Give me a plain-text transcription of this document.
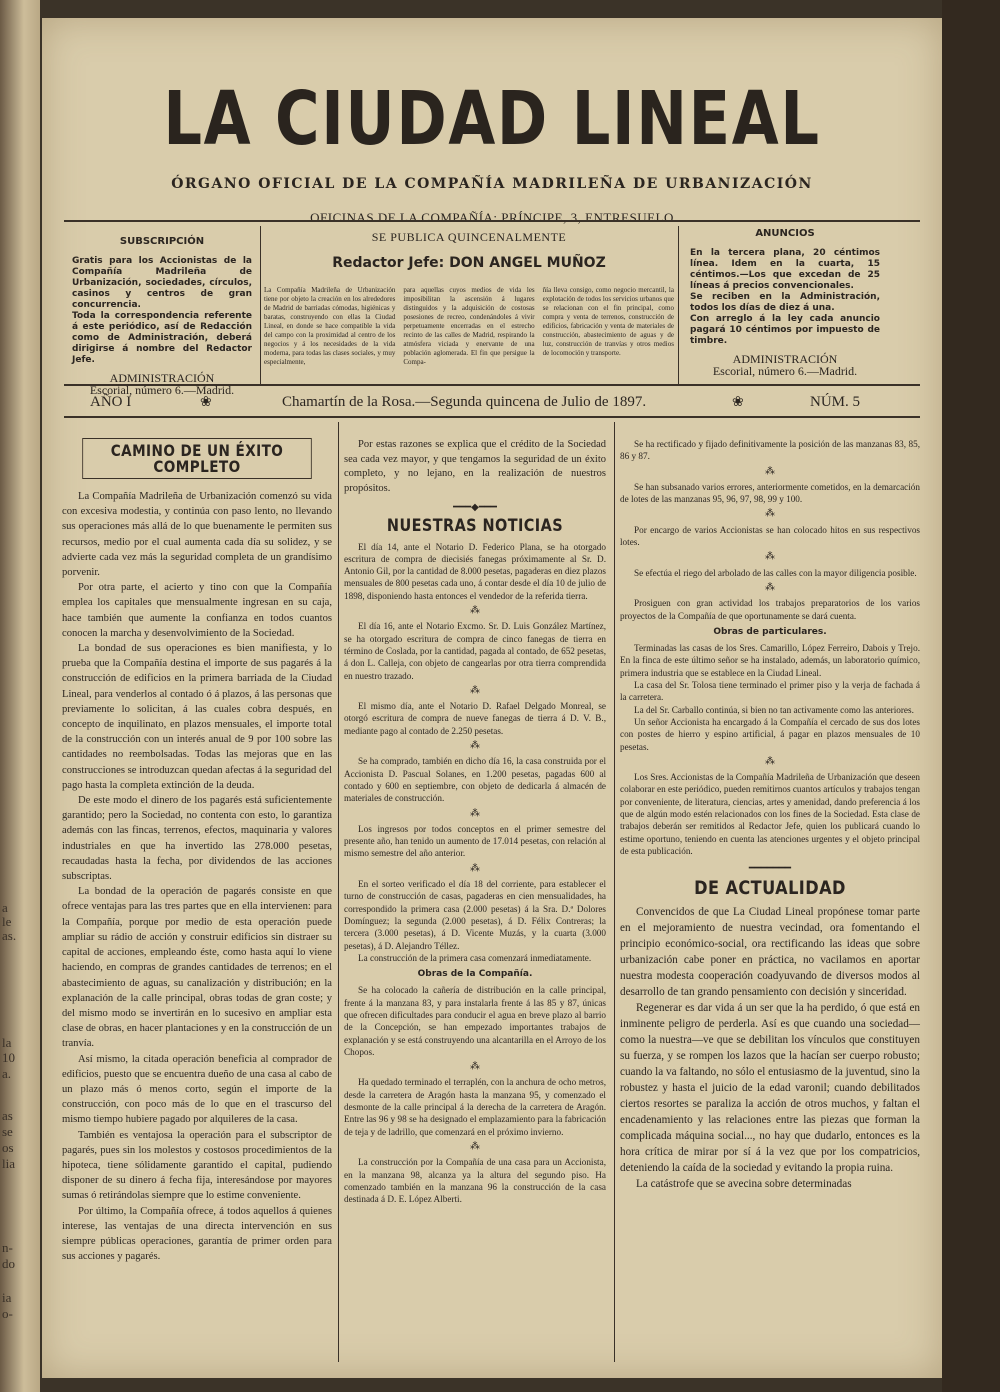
a
le
as.
la
10
a.
as
se
os
lia
n-
do
ia
o-
LA CIUDAD LINEAL
ÓRGANO OFICIAL DE LA COMPAÑÍA MADRILEÑA DE URBANIZACIÓN
OFICINAS DE LA COMPAÑÍA: PRÍNCIPE, 3, ENTRESUELO
SUBSCRIPCIÓN

Gratis para los Accionistas de la Compañía Madrileña de Urbanización, sociedades, círculos, casinos y centros de gran concurrencia.

Toda la correspondencia referente á este periódico, así de Redacción como de Administración, deberá dirigirse á nombre del Redactor Jefe.

ADMINISTRACIÓN
Escorial, número 6.—Madrid.
SE PUBLICA QUINCENALMENTE
Redactor Jefe: DON ANGEL MUÑOZ

La Compañía Madrileña de Urbanización tiene por objeto la creación en los alrededores de Madrid de barriadas cómodas, higiénicas y baratas, construyendo con ellas la Ciudad Lineal, en donde se hace compatible la vida del campo con la proximidad al centro de los negocios y á los necesidades de la vida moderna, para todas las clases sociales, y muy especialmente,

para aquellas cuyos medios de vida les imposibilitan la ascensión á lugares distinguidos y la adquisición de costosas posesiones de recreo, condenándoles á vivir perpetuamente encerradas en el estrecho recinto de las calles de Madrid, respirando la atmósfera viciada y enervante de una población aglomerada. El fin que persigue la Compa-

ñía lleva consigo, como negocio mercantil, la explotación de todos los servicios urbanos que se relacionan con el fin principal, como compra y venta de terrenos, construcción de edificios, fabricación y venta de materiales de construcción, abastecimiento de aguas y de luz, construcción de tranvías y otros medios de locomoción y transporte.

ANUNCIOS

En la tercera plana, 20 céntimos línea. Idem en la cuarta, 15 céntimos.—Los que excedan de 25 líneas á precios convencionales.

Se reciben en la Administración, todos los días de diez á una.

Con arreglo á la ley cada anuncio pagará 10 céntimos por impuesto de timbre.

ADMINISTRACIÓN
Escorial, número 6.—Madrid.
AÑO I	❀	Chamartín de la Rosa.—Segunda quincena de Julio de 1897.	❀	NÚM. 5
CAMINO DE UN ÉXITO COMPLETO

La Compañía Madrileña de Urbanización comenzó su vida con excesiva modestia, y continúa con paso lento, no llevando sus operaciones más allá de lo que buenamente le permiten sus recursos, medio por el cual aumenta cada día su solidez, y se advierte cada vez más la seguridad completa de un grandísimo porvenir.

Por otra parte, el acierto y tino con que la Compañía emplea los capitales que mensualmente ingresan en su caja, hace también que aumente la confianza en todos cuantos conocen la marcha y desenvolvimiento de la Sociedad.

La bondad de sus operaciones es bien manifiesta, y lo prueba que la Compañía destina el importe de sus pagarés á la construcción de edificios en la primera barriada de la Ciudad Lineal, para venderlos al contado ó á plazos, á las personas que previamente lo solicitan, á las cuales cobra después, en concepto de inquilinato, en plazos mensuales, el importe total de la construcción con un interés anual de 9 por 100 sobre las cantidades no reembolsadas. Todas las mejoras que en las construcciones se introduzcan quedan afectas á la seguridad del pago hasta la completa extinción de la deuda.

De este modo el dinero de los pagarés está suficientemente garantido; pero la Sociedad, no contenta con esto, lo garantiza además con las fincas, terrenos, efectos, maquinaria y valores industriales en que ha invertido las 278.000 pesetas, recaudadas hasta la fecha, por dividendos de las acciones subscriptas.

La bondad de la operación de pagarés consiste en que ofrece ventajas para las tres partes que en ella intervienen: para la Compañía, porque por medio de esta operación puede ampliar su rádio de acción y construir edificios sin distraer su capital de acciones, empleando éste, como hasta aquí lo viene haciendo, en compras de grandes cantidades de terrenos; en el abastecimiento de aguas, su canalización y distribución; en la explanación de la calle principal, obras todas de gran coste; y del mismo modo se invertirán en lo sucesivo en ampliar esta clase de obras, en hacer plantaciones y en la construcción de un tranvía.

Así mismo, la citada operación beneficia al comprador de edificios, puesto que se encuentra dueño de una casa al cabo de un plazo más ó menos corto, según el importe de la construcción, con poco más de lo que en el trascurso del mismo tiempo hubiere pagado por alquileres de la casa.

También es ventajosa la operación para el subscriptor de pagarés, pues sin los molestos y costosos procedimientos de la hipoteca, tiene sólidamente garantido el capital, pudiendo disponer de su dinero á fecha fija, interesándose por mayores sumas ó retirándolas siempre que lo estime conveniente.

Por último, la Compañía ofrece, á todos aquellos á quienes interese, las ventajas de una directa intervención en sus siempre públicas operaciones, garantía de primer orden para sus acciones y pagarés.

Por estas razones se explica que el crédito de la Sociedad sea cada vez mayor, y que tengamos la seguridad de un éxito completo, y no lejano, en la realización de nuestros propósitos.

━━━◆━━━
NUESTRAS NOTICIAS

El día 14, ante el Notario D. Federico Plana, se ha otorgado escritura de compra de diecisiés fanegas próximamente al Sr. D. Antonio Gil, por la cantidad de 8.000 pesetas, pagaderas en diez plazos mensuales de 800 pesetas cada uno, á contar desde el día 10 de julio de 1898, disponiendo hasta entonces el vendedor de la referida tierra.

⁂

El día 16, ante el Notario Excmo. Sr. D. Luis González Martínez, se ha otorgado escritura de compra de cinco fanegas de tierra en término de Coslada, por la cantidad, pagada al contado, de 652 pesetas, á don L. Calleja, con objeto de cangearlas por otra tierra comprendida en nuestro trazado.

⁂

El mismo día, ante el Notario D. Rafael Delgado Monreal, se otorgó escritura de compra de nueve fanegas de tierra á D. V. B., mediante pago al contado de 2.250 pesetas.

⁂

Se ha comprado, también en dicho día 16, la casa construida por el Accionista D. Pascual Solanes, en 1.200 pesetas, pagadas 600 al contado y 600 en septiembre, con objeto de dedicarla á almacén de materiales de construcción.

⁂

Los ingresos por todos conceptos en el primer semestre del presente año, han tenido un aumento de 17.014 pesetas, con relación al mismo semestre del año anterior.

⁂

En el sorteo verificado el día 18 del corriente, para establecer el turno de construcción de casas, pagaderas en cien mensualidades, ha correspondido la primera casa (2.000 pesetas) á la Sra. D.ª Dolores Domínguez; la segunda (2.000 pesetas), á D. Félix Contreras; la tercera (3.000 pesetas), á D. Vicente Muzás, y la cuarta (3.000 pesetas), á D. Alejandro Téllez.

La construcción de la primera casa comenzará inmediatamente.

Obras de la Compañía.

Se ha colocado la cañería de distribución en la calle principal, frente á la manzana 83, y para instalarla frente á las 85 y 87, únicas que ofrecen dificultades para conducir el agua en breve plazo al barrio de la Concepción, se han empezado importantes trabajos de explanación y se está construyendo una alcantarilla en el Arroyo de los Chopos.

⁂

Ha quedado terminado el terraplén, con la anchura de ocho metros, desde la carretera de Aragón hasta la manzana 95, y comenzado el desmonte de la calle principal á la derecha de la carretera de Aragón. Entre las 96 y 98 se ha designado el emplazamiento para la fabricación de teja y de ladrillo, que comenzará en el próximo invierno.

⁂

La construcción por la Compañía de una casa para un Accionista, en la manzana 98, alcanza ya la altura del segundo piso. Ha comenzado también en la manzana 96 la construcción de la casa destinada á D. E. López Alberti.

Se ha rectificado y fijado definitivamente la posición de las manzanas 83, 85, 86 y 87.

⁂

Se han subsanado varios errores, anteriormente cometidos, en la demarcación de lotes de las manzanas 95, 96, 97, 98, 99 y 100.

⁂

Por encargo de varios Accionistas se han colocado hitos en sus respectivos lotes.

⁂

Se efectúa el riego del arbolado de las calles con la mayor diligencia posible.

⁂

Prosiguen con gran actividad los trabajos preparatorios de los varios proyectos de la Compañía de que oportunamente se dará cuenta.

Obras de particulares.

Terminadas las casas de los Sres. Camarillo, López Ferreiro, Dabois y Trejo. En la finca de este último señor se ha instalado, además, un laboratorio químico, primera industria que se establece en la Ciudad Lineal.

La casa del Sr. Tolosa tiene terminado el primer piso y la verja de fachada á la carretera.

La del Sr. Carballo continúa, si bien no tan activamente como las anteriores.

Un señor Accionista ha encargado á la Compañía el cercado de sus dos lotes con postes de hierro y espino artificial, á pagar en plazos mensuales de 10 pesetas.

⁂

Los Sres. Accionistas de la Compañía Madrileña de Urbanización que deseen colaborar en este periódico, pueden remitirnos cuantos artículos y trabajos tengan por conveniente, de literatura, ciencias, artes y amenidad, dando preferencia á los que de algún modo estén relacionados con los fines de la Sociedad. Esta clase de trabajos deberán ser remitidos al Redactor Jefe, quien los publicará cuando lo estime oportuno, teniendo en cuenta las atenciones urgentes y el objeto principal de esta publicación.

━━━━━━━
DE ACTUALIDAD

Convencidos de que La Ciudad Lineal propónese tomar parte en el mejoramiento de nuestra vecindad, ora fomentando el principio económico-social, ora rectificando las ideas que sobre urbanización cabe poner en práctica, no vacilamos en aportar nuestra modesta cooperación coadyuvando de diversos modos al desarrollo de tan grando pensamiento con decisión y sinceridad.

Regenerar es dar vida á un ser que la ha perdido, ó que está en inminente peligro de perderla. Así es que cuando una sociedad—como la nuestra—ve que se debilitan los vínculos que constituyen su fuerza, y se rompen los lazos que la hacían ser cuerpo robusto; cuando la va faltando, no sólo el entusiasmo de la juventud, sino la robustez y hasta el juicio de la edad varonil; cuando debilitados ciertos resortes se paraliza la acción de otros muchos, y faltan el encadenamiento y las relaciones entre las piezas que forman la complicada máquina social..., no hay que dudarlo, entonces es la hora crítica de mirar por sí á la vez que por los compatricios, deteniendo la caída de la sociedad y evitando la propia ruina.

La catástrofe que se avecina sobre determinadas
